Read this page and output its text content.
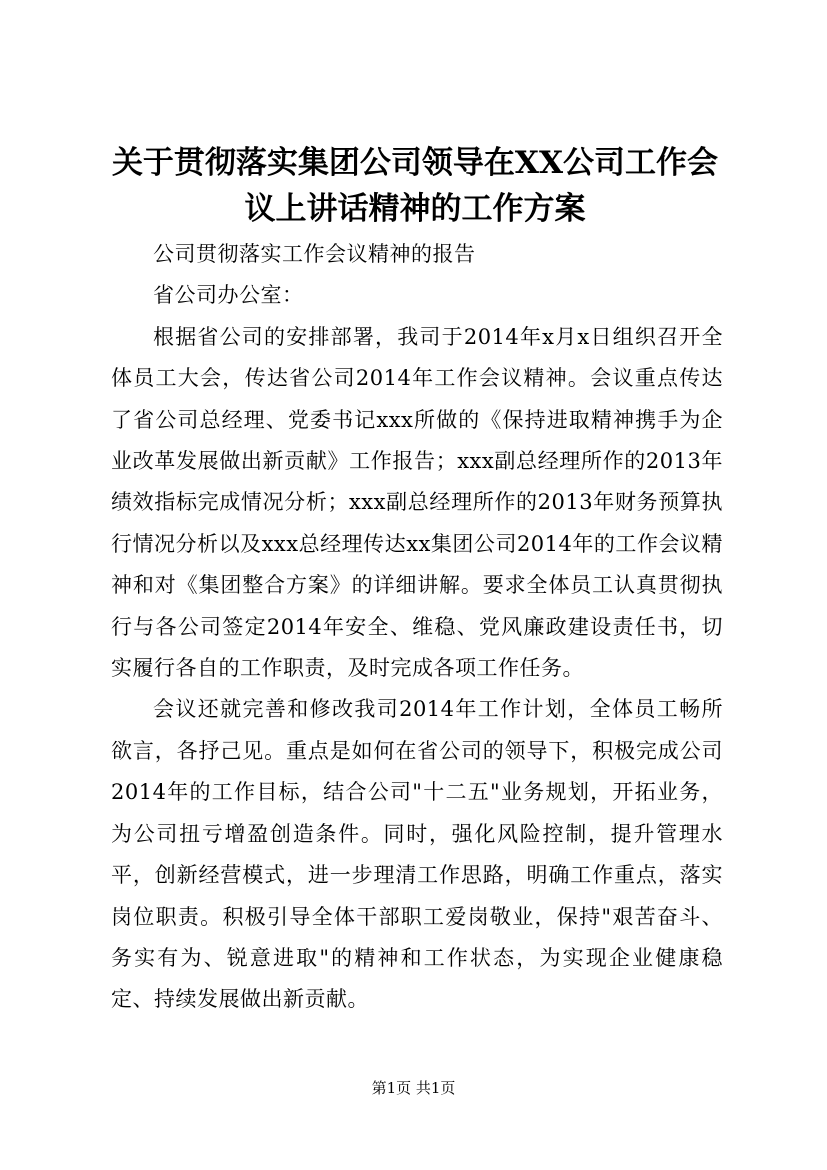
关于贯彻落实集团公司领导在XX公司工作会
议上讲话精神的工作方案

公司贯彻落实工作会议精神的报告

省公司办公室：

根据省公司的安排部署，我司于2014年x月x日组织召开全体员工大会，传达省公司2014年工作会议精神。会议重点传达了省公司总经理、党委书记xxx所做的《保持进取精神携手为企业改革发展做出新贡献》工作报告；xxx副总经理所作的2013年绩效指标完成情况分析；xxx副总经理所作的2013年财务预算执行情况分析以及xxx总经理传达xx集团公司2014年的工作会议精神和对《集团整合方案》的详细讲解。要求全体员工认真贯彻执行与各公司签定2014年安全、维稳、党风廉政建设责任书，切实履行各自的工作职责，及时完成各项工作任务。

会议还就完善和修改我司2014年工作计划，全体员工畅所欲言，各抒己见。重点是如何在省公司的领导下，积极完成公司2014年的工作目标，结合公司"十二五"业务规划，开拓业务，为公司扭亏增盈创造条件。同时，强化风险控制，提升管理水平，创新经营模式，进一步理清工作思路，明确工作重点，落实岗位职责。积极引导全体干部职工爱岗敬业，保持"艰苦奋斗、务实有为、锐意进取"的精神和工作状态，为实现企业健康稳定、持续发展做出新贡献。

第1页 共1页
